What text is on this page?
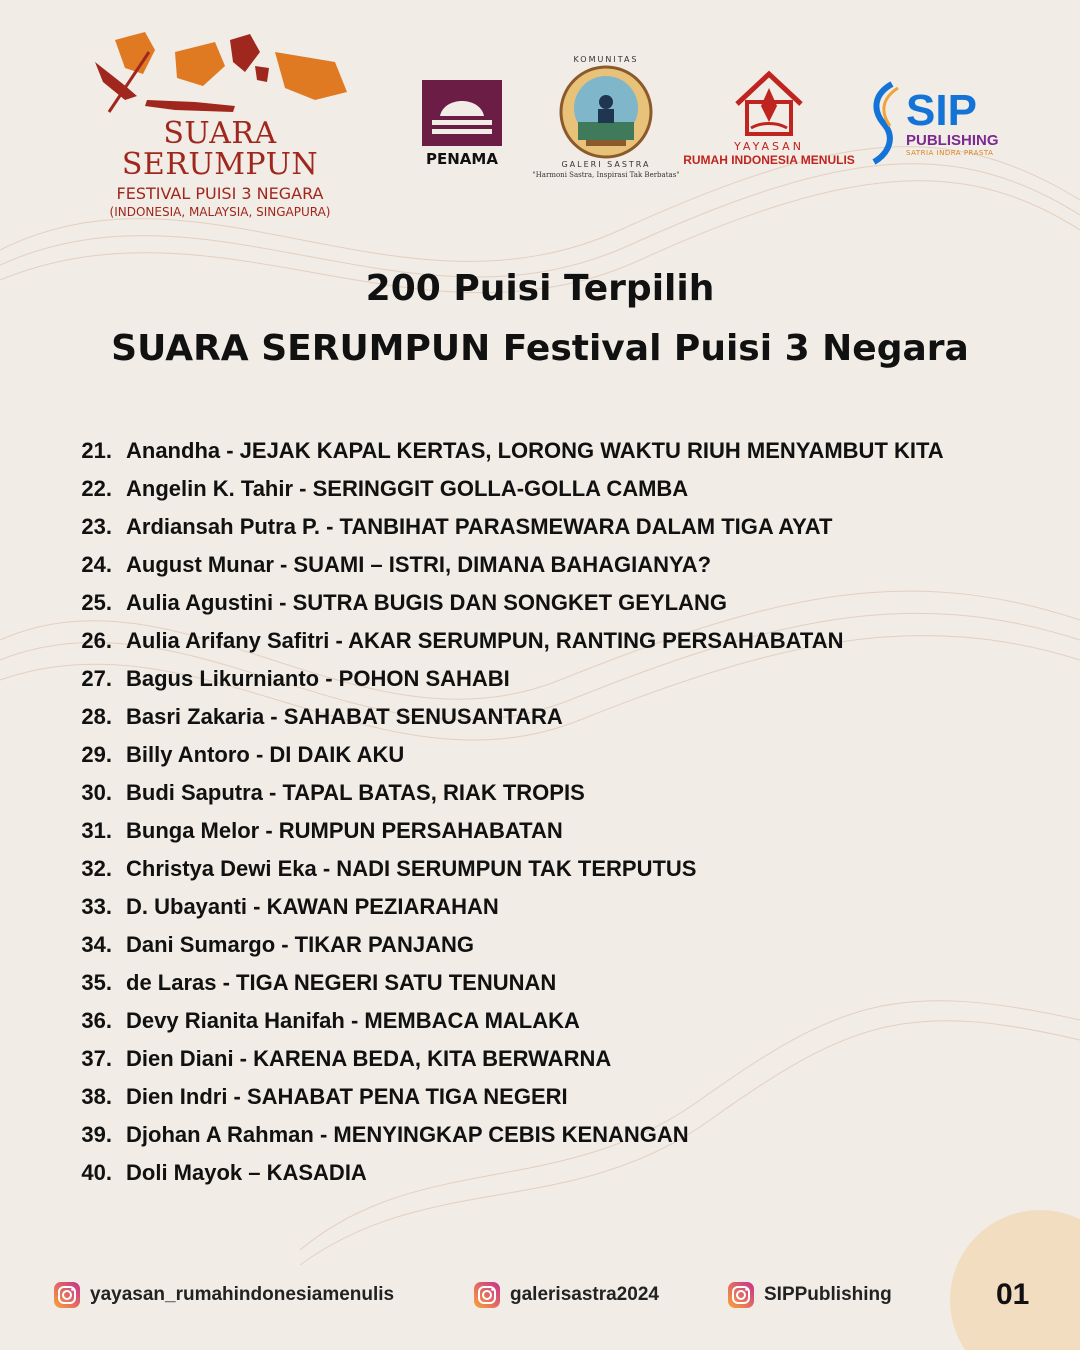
SUARA
SERUMPUN
FESTIVAL PUISI 3 NEGARA
(INDONESIA, MALAYSIA, SINGAPURA)
PENAMA
KOMUNITAS
GALERI SASTRA
"Harmoni Sastra, Inspirasi Tak Berbatas"
YAYASAN
RUMAH INDONESIA MENULIS
SIP
PUBLISHING
SATRIA INDRA PRASTA
200 Puisi Terpilih
SUARA SERUMPUN Festival Puisi 3 Negara
21. Anandha - JEJAK KAPAL KERTAS, LORONG WAKTU RIUH MENYAMBUT KITA
22. Angelin K. Tahir - SERINGGIT GOLLA-GOLLA CAMBA
23. Ardiansah Putra P. - TANBIHAT PARASMEWARA DALAM TIGA AYAT
24. August Munar - SUAMI – ISTRI, DIMANA BAHAGIANYA?
25. Aulia Agustini - SUTRA BUGIS DAN SONGKET GEYLANG
26. Aulia Arifany Safitri - AKAR SERUMPUN, RANTING PERSAHABATAN
27. Bagus Likurnianto - POHON SAHABI
28. Basri Zakaria - SAHABAT SENUSANTARA
29. Billy Antoro - DI DAIK AKU
30. Budi Saputra - TAPAL BATAS, RIAK TROPIS
31. Bunga Melor - RUMPUN PERSAHABATAN
32. Christya Dewi Eka - NADI SERUMPUN TAK TERPUTUS
33. D. Ubayanti - KAWAN PEZIARAHAN
34. Dani Sumargo - TIKAR PANJANG
35. de Laras - TIGA NEGERI SATU TENUNAN
36. Devy Rianita Hanifah - MEMBACA MALAKA
37. Dien Diani - KARENA BEDA, KITA BERWARNA
38. Dien Indri - SAHABAT PENA TIGA NEGERI
39. Djohan A Rahman - MENYINGKAP CEBIS KENANGAN
40. Doli Mayok – KASADIA
yayasan_rumahindonesiamenulis	galerisastra2024	SIPPublishing	01
